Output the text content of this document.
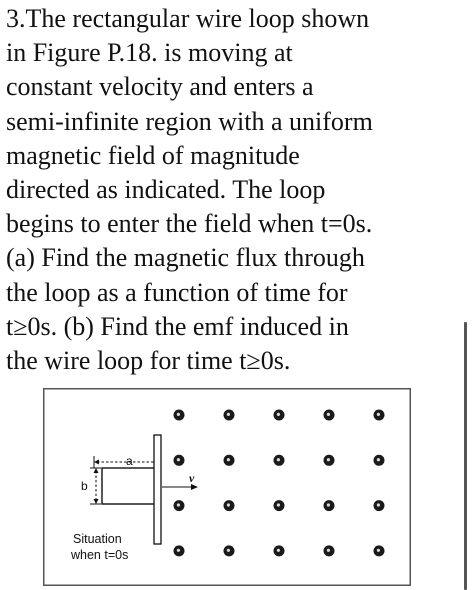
3.The rectangular wire loop shown
in Figure P.18. is moving at
constant velocity and enters a
semi-infinite region with a uniform
magnetic field of magnitude
directed as indicated. The loop
begins to enter the field when t=0s.
(a) Find the magnetic flux through
the loop as a function of time for
t≥0s. (b) Find the emf induced in
the wire loop for time t≥0s.
a
b
v
Situation
when t=0s
